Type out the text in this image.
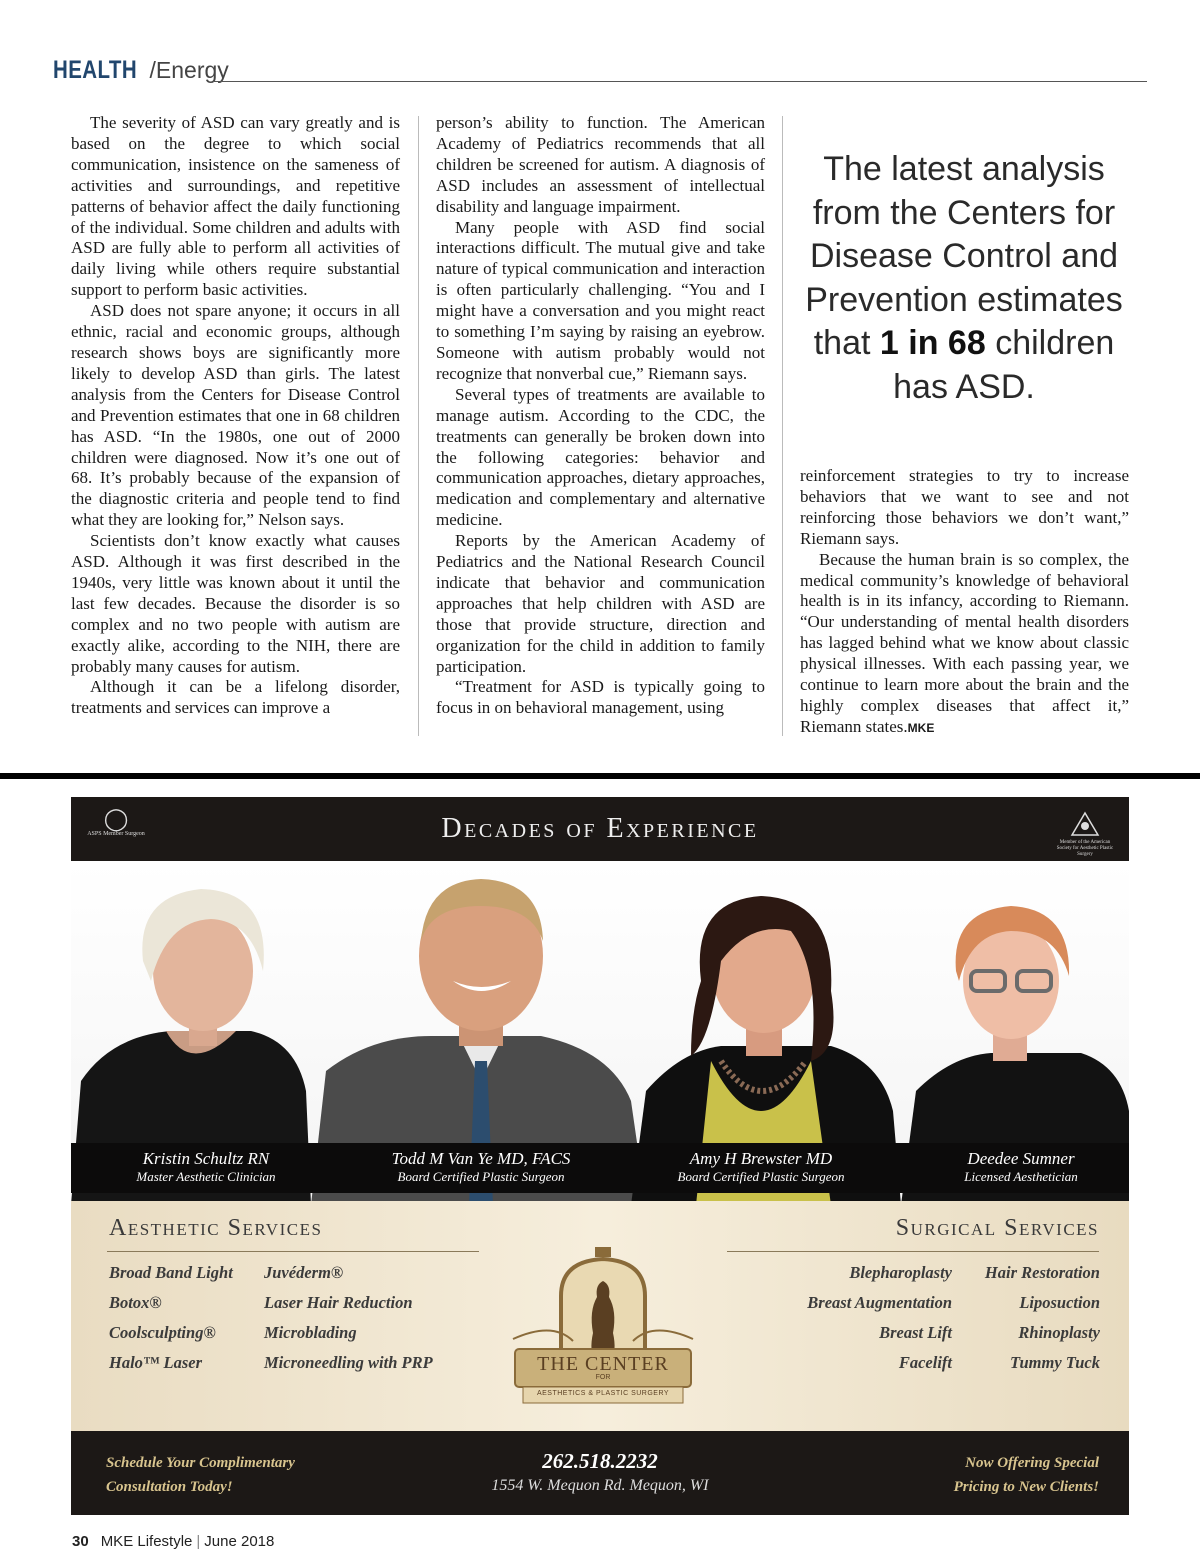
HEALTH /Energy

The severity of ASD can vary greatly and is based on the degree to which social communication, insistence on the sameness of activities and surroundings, and repetitive patterns of behavior affect the daily functioning of the individual. Some children and adults with ASD are fully able to perform all activities of daily living while others require substantial support to perform basic activities.

ASD does not spare anyone; it occurs in all ethnic, racial and economic groups, although research shows boys are significantly more likely to develop ASD than girls. The latest analysis from the Centers for Disease Control and Prevention estimates that one in 68 children has ASD. “In the 1980s, one out of 2000 children were diagnosed. Now it’s one out of 68. It’s probably because of the expansion of the diagnostic criteria and people tend to find what they are looking for,” Nelson says.

Scientists don’t know exactly what causes ASD. Although it was first described in the 1940s, very little was known about it until the last few decades. Because the disorder is so complex and no two people with autism are exactly alike, according to the NIH, there are probably many causes for autism.

Although it can be a lifelong disorder, treatments and services can improve a

person’s ability to function. The American Academy of Pediatrics recommends that all children be screened for autism. A diagnosis of ASD includes an assessment of intellectual disability and language impairment.

Many people with ASD find social interactions difficult. The mutual give and take nature of typical communication and interaction is often particularly challenging. “You and I might have a conversation and you might react to something I’m saying by raising an eyebrow. Someone with autism probably would not recognize that nonverbal cue,” Riemann says.

Several types of treatments are available to manage autism. According to the CDC, the treatments can generally be broken down into the following categories: behavior and communication approaches, dietary approaches, medication and complementary and alternative medicine.

Reports by the American Academy of Pediatrics and the National Research Council indicate that behavior and communication approaches that help children with ASD are those that provide structure, direction and organization for the child in addition to family participation.

“Treatment for ASD is typically going to focus in on behavioral management, using

The latest analysis from the Centers for Disease Control and Prevention estimates that 1 in 68 children has ASD.

reinforcement strategies to try to increase behaviors that we want to see and not reinforcing those behaviors we don’t want,” Riemann says.

Because the human brain is so complex, the medical community’s knowledge of behavioral health is in its infancy, according to Riemann. “Our understanding of mental health disorders has lagged behind what we know about classic physical illnesses. With each passing year, we continue to learn more about the brain and the highly complex diseases that affect it,” Riemann states.MKE

◯
ASPS Member Surgeon	Decades of Experience	Member of the American Society for Aesthetic Plastic Surgery
Kristin Schultz RN
Master Aesthetic Clinician
Todd M Van Ye MD, FACS
Board Certified Plastic Surgeon
Amy H Brewster MD
Board Certified Plastic Surgeon
Deedee Sumner
Licensed Aesthetician
Aesthetic Services	Surgical Services
Broad Band Light
Botox®
Coolsculpting®
Halo™ Laser
Juvéderm®
Laser Hair Reduction
Microblading
Microneedling with PRP	THE CENTER
FOR
AESTHETICS & PLASTIC SURGERY
Blepharoplasty
Breast Augmentation
Breast Lift
Facelift
Hair Restoration
Liposuction
Rhinoplasty
Tummy Tuck
Schedule Your Complimentary
Consultation Today!
262.518.2232
1554 W. Mequon Rd. Mequon, WI
Now Offering Special
Pricing to New Clients!
30 MKE Lifestyle | June 2018
